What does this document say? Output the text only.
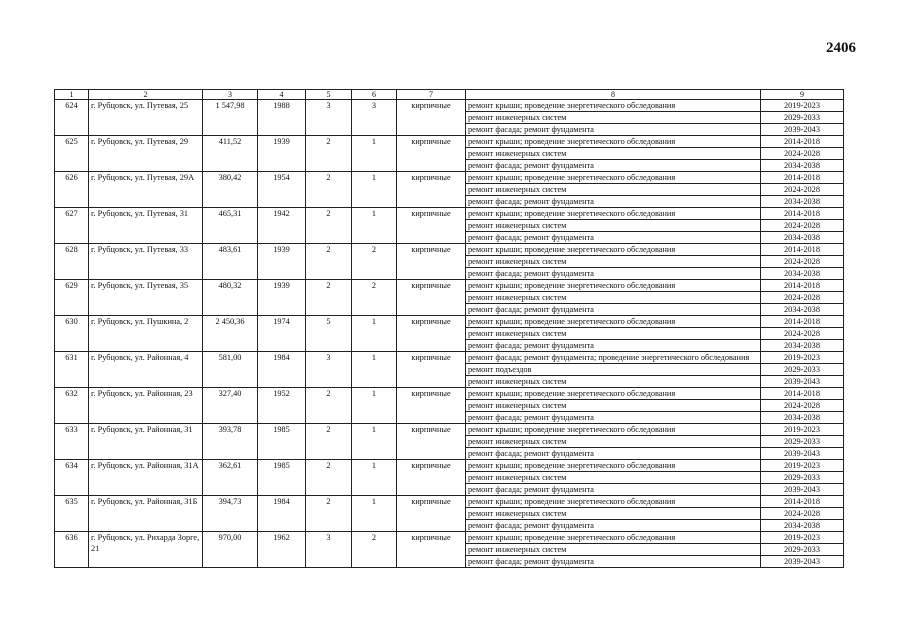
2406
1	2	3	4	5	6	7	8	9
624	г. Рубцовск, ул. Путевая, 25	1 547,98	1988	3	3	кирпичные	ремонт крыши; проведение энергетического обследования	2019-2023
							ремонт инженерных систем	2029-2033
							ремонт фасада; ремонт фундамента	2039-2043
625	г. Рубцовск, ул. Путевая, 29	411,52	1939	2	1	кирпичные	ремонт крыши; проведение энергетического обследования	2014-2018
							ремонт инженерных систем	2024-2028
							ремонт фасада; ремонт фундамента	2034-2038
626	г. Рубцовск, ул. Путевая, 29А	380,42	1954	2	1	кирпичные	ремонт крыши; проведение энергетического обследования	2014-2018
							ремонт инженерных систем	2024-2028
							ремонт фасада; ремонт фундамента	2034-2038
627	г. Рубцовск, ул. Путевая, 31	465,31	1942	2	1	кирпичные	ремонт крыши; проведение энергетического обследования	2014-2018
							ремонт инженерных систем	2024-2028
							ремонт фасада; ремонт фундамента	2034-2038
628	г. Рубцовск, ул. Путевая, 33	483,61	1939	2	2	кирпичные	ремонт крыши; проведение энергетического обследования	2014-2018
							ремонт инженерных систем	2024-2028
							ремонт фасада; ремонт фундамента	2034-2038
629	г. Рубцовск, ул. Путевая, 35	480,32	1939	2	2	кирпичные	ремонт крыши; проведение энергетического обследования	2014-2018
							ремонт инженерных систем	2024-2028
							ремонт фасада; ремонт фундамента	2034-2038
630	г. Рубцовск, ул. Пушкина, 2	2 450,36	1974	5	1	кирпичные	ремонт крыши; проведение энергетического обследования	2014-2018
							ремонт инженерных систем	2024-2028
							ремонт фасада; ремонт фундамента	2034-2038
631	г. Рубцовск, ул. Районная, 4	581,00	1984	3	1	кирпичные	ремонт фасада; ремонт фундамента; проведение энергетического обследования	2019-2023
							ремонт подъездов	2029-2033
							ремонт инженерных систем	2039-2043
632	г. Рубцовск, ул. Районная, 23	327,40	1952	2	1	кирпичные	ремонт крыши; проведение энергетического обследования	2014-2018
							ремонт инженерных систем	2024-2028
							ремонт фасада; ремонт фундамента	2034-2038
633	г. Рубцовск, ул. Районная, 31	393,78	1985	2	1	кирпичные	ремонт крыши; проведение энергетического обследования	2019-2023
							ремонт инженерных систем	2029-2033
							ремонт фасада; ремонт фундамента	2039-2043
634	г. Рубцовск, ул. Районная, 31А	362,61	1985	2	1	кирпичные	ремонт крыши; проведение энергетического обследования	2019-2023
							ремонт инженерных систем	2029-2033
							ремонт фасада; ремонт фундамента	2039-2043
635	г. Рубцовск, ул. Районная, 31Б	394,73	1984	2	1	кирпичные	ремонт крыши; проведение энергетического обследования	2014-2018
							ремонт инженерных систем	2024-2028
							ремонт фасада; ремонт фундамента	2034-2038
636	г. Рубцовск, ул. Рихарда Зорге, 21	970,00	1962	3	2	кирпичные	ремонт крыши; проведение энергетического обследования	2019-2023
							ремонт инженерных систем	2029-2033
							ремонт фасада; ремонт фундамента	2039-2043
